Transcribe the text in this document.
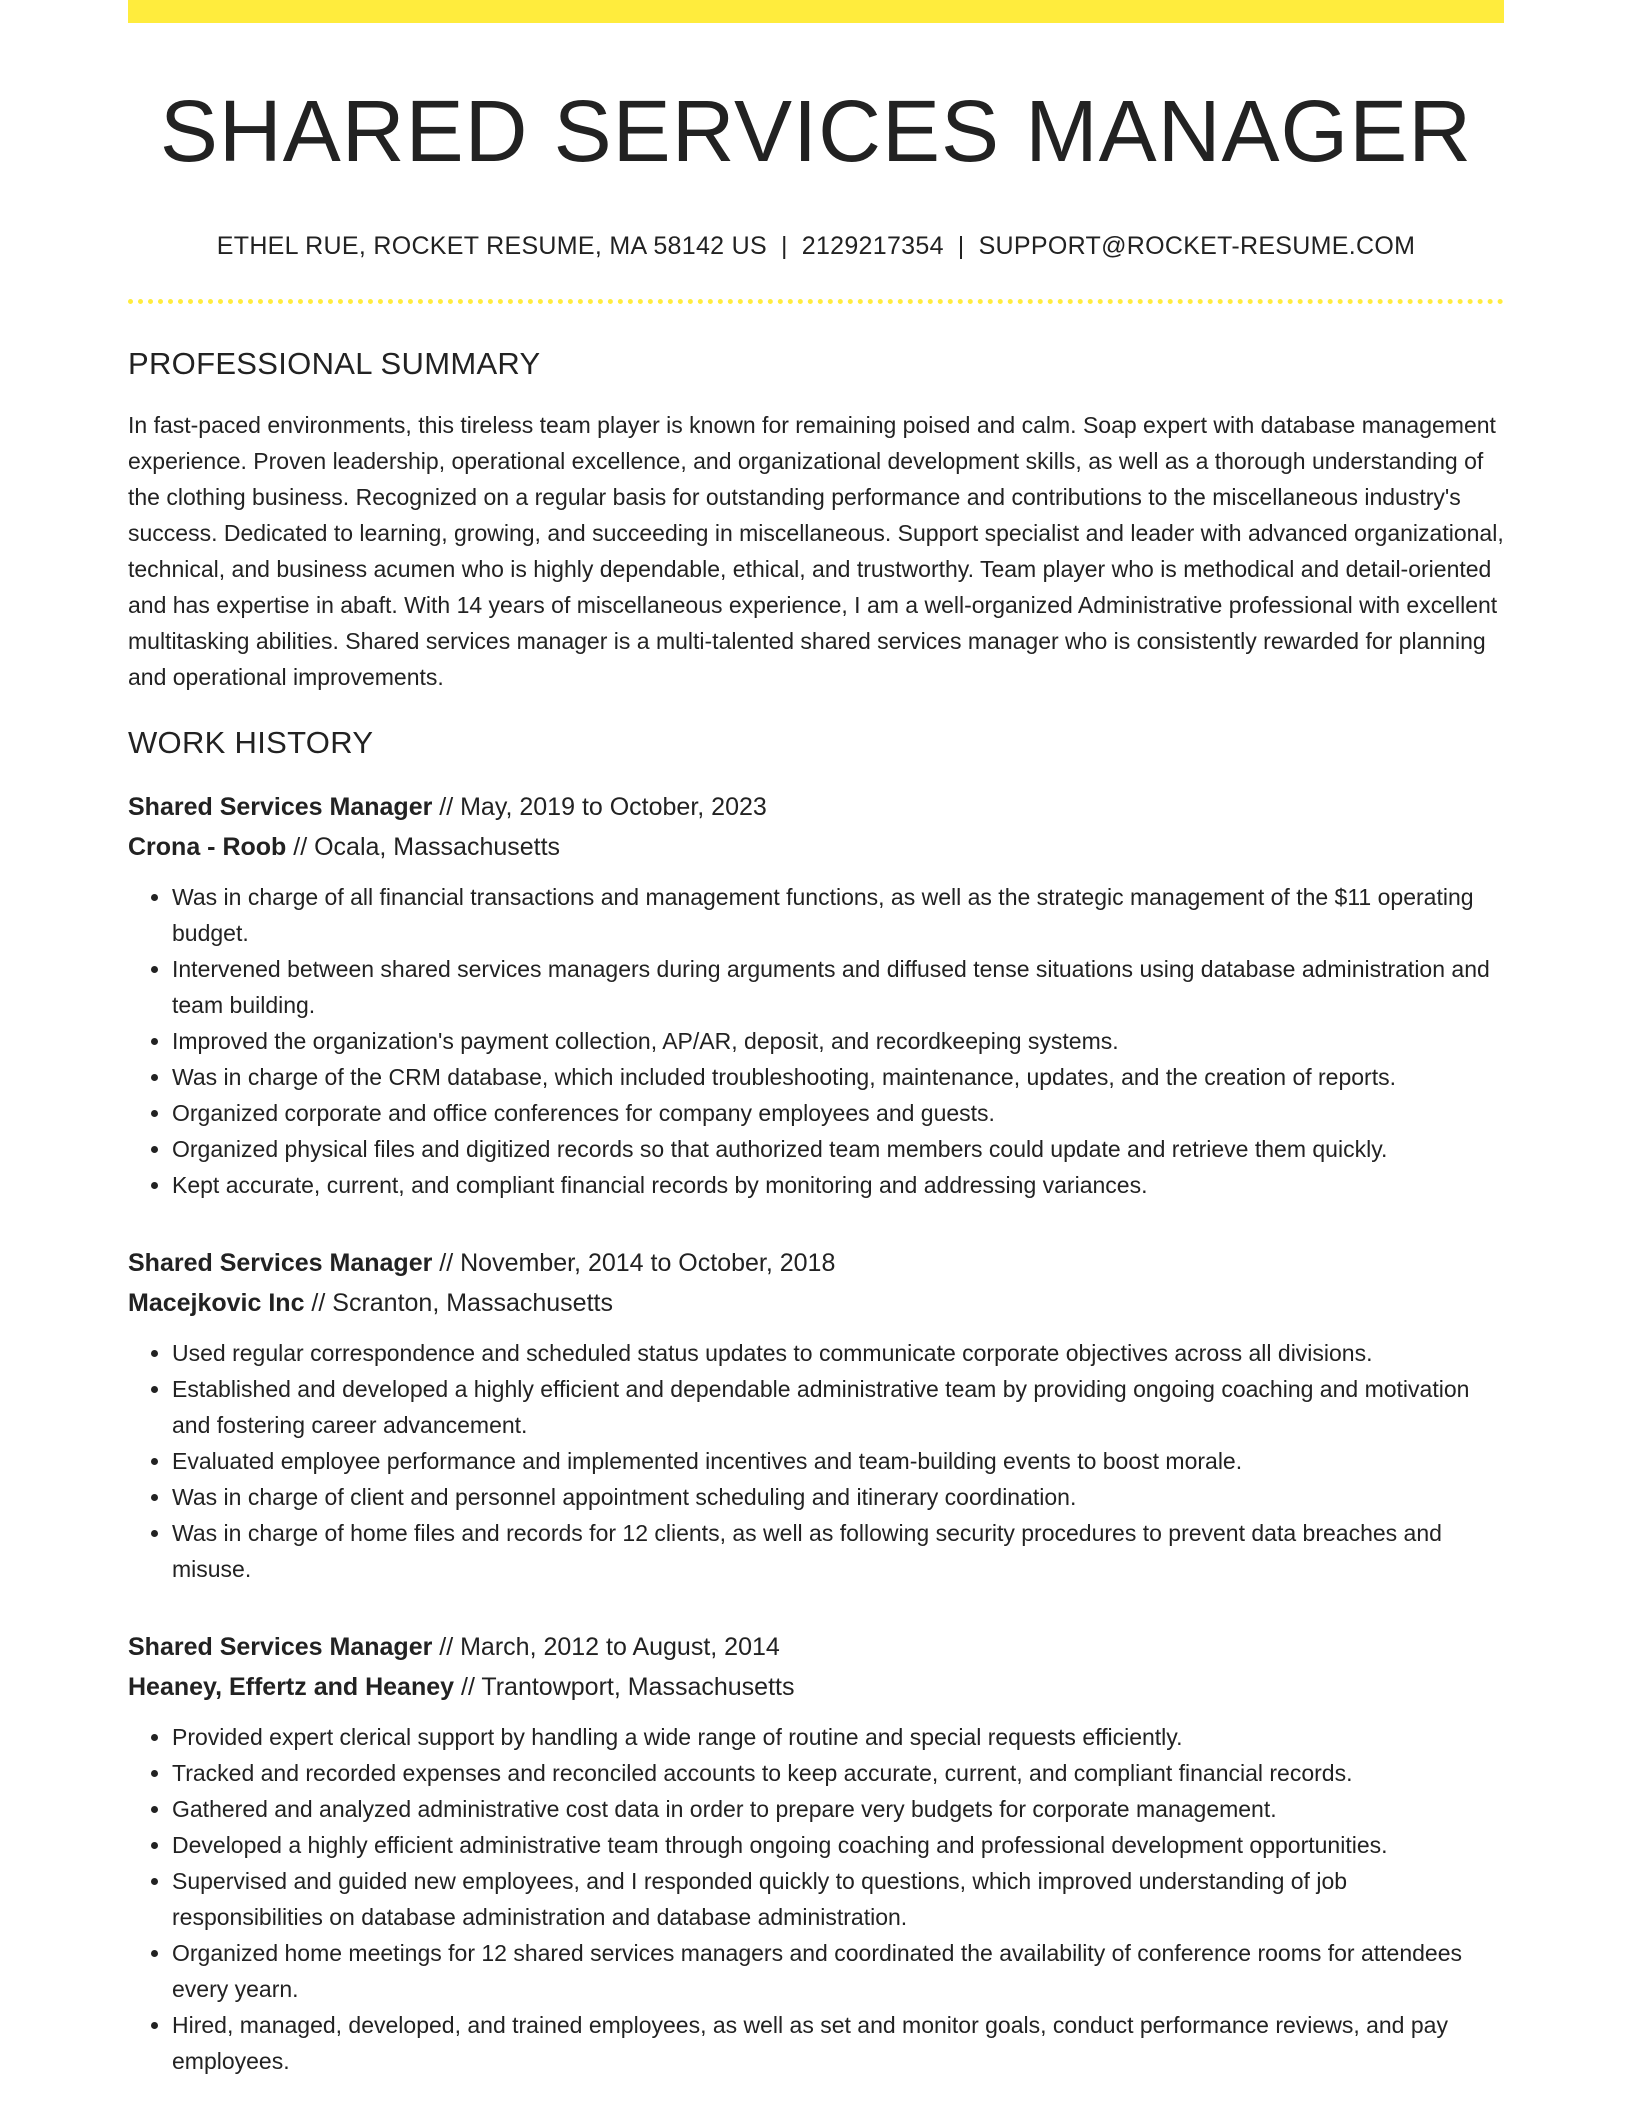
SHARED SERVICES MANAGER
ETHEL RUE, ROCKET RESUME, MA 58142 US | 2129217354 | SUPPORT@ROCKET-RESUME.COM
PROFESSIONAL SUMMARY

In fast-paced environments, this tireless team player is known for remaining poised and calm. Soap expert with database management experience. Proven leadership, operational excellence, and organizational development skills, as well as a thorough understanding of the clothing business. Recognized on a regular basis for outstanding performance and contributions to the miscellaneous industry's success. Dedicated to learning, growing, and succeeding in miscellaneous. Support specialist and leader with advanced organizational, technical, and business acumen who is highly dependable, ethical, and trustworthy. Team player who is methodical and detail-oriented and has expertise in abaft. With 14 years of miscellaneous experience, I am a well-organized Administrative professional with excellent multitasking abilities. Shared services manager is a multi-talented shared services manager who is consistently rewarded for planning and operational improvements.

WORK HISTORY
Shared Services Manager // May, 2019 to October, 2023
Crona - Roob // Ocala, Massachusetts
• Was in charge of all financial transactions and management functions, as well as the strategic management of the $11 operating budget.
• Intervened between shared services managers during arguments and diffused tense situations using database administration and team building.
• Improved the organization's payment collection, AP/AR, deposit, and recordkeeping systems.
• Was in charge of the CRM database, which included troubleshooting, maintenance, updates, and the creation of reports.
• Organized corporate and office conferences for company employees and guests.
• Organized physical files and digitized records so that authorized team members could update and retrieve them quickly.
• Kept accurate, current, and compliant financial records by monitoring and addressing variances.
Shared Services Manager // November, 2014 to October, 2018
Macejkovic Inc // Scranton, Massachusetts
• Used regular correspondence and scheduled status updates to communicate corporate objectives across all divisions.
• Established and developed a highly efficient and dependable administrative team by providing ongoing coaching and motivation and fostering career advancement.
• Evaluated employee performance and implemented incentives and team-building events to boost morale.
• Was in charge of client and personnel appointment scheduling and itinerary coordination.
• Was in charge of home files and records for 12 clients, as well as following security procedures to prevent data breaches and misuse.
Shared Services Manager // March, 2012 to August, 2014
Heaney, Effertz and Heaney // Trantowport, Massachusetts
• Provided expert clerical support by handling a wide range of routine and special requests efficiently.
• Tracked and recorded expenses and reconciled accounts to keep accurate, current, and compliant financial records.
• Gathered and analyzed administrative cost data in order to prepare very budgets for corporate management.
• Developed a highly efficient administrative team through ongoing coaching and professional development opportunities.
• Supervised and guided new employees, and I responded quickly to questions, which improved understanding of job responsibilities on database administration and database administration.
• Organized home meetings for 12 shared services managers and coordinated the availability of conference rooms for attendees every yearn.
• Hired, managed, developed, and trained employees, as well as set and monitor goals, conduct performance reviews, and pay employees.
